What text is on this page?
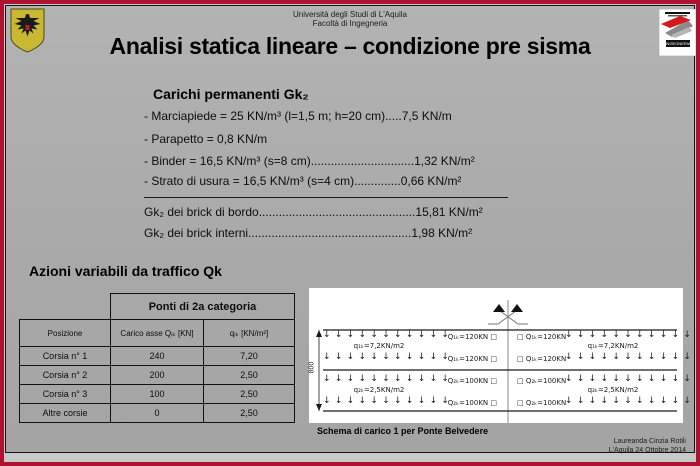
Università degli Studi di L'Aquila
Facoltà di Ingegneria
INGEGNERIA
Analisi statica lineare – condizione pre sisma
Carichi permanenti Gk₂
- Marciapiede = 25 KN/m³ (l=1,5 m; h=20 cm).....7,5 KN/m
- Parapetto = 0,8 KN/m
- Binder = 16,5 KN/m³ (s=8 cm)...............................1,32 KN/m²
- Strato di usura = 16,5 KN/m³ (s=4 cm)..............0,66 KN/m²
Gk₂ dei brick di bordo...............................................15,81 KN/m²
Gk₂ dei brick interni.................................................1,98 KN/m²
Azioni variabili da traffico Qk
	Ponti di 2a categoria	
Posizione	Carico asse Qᵢₖ [KN]	qᵢₖ [KN/m²]
Corsia n° 1	240	7,20
Corsia n° 2	200	2,50
Corsia n° 3	100	2,50
Altre corsie	0	2,50
800
↓↓↓↓↓↓↓↓↓↓↓
↓↓↓↓↓↓↓↓↓↓↓
↓↓↓↓↓↓↓↓↓↓↓
↓↓↓↓↓↓↓↓↓↓↓
↓↓↓↓↓↓↓↓↓↓↓
↓↓↓↓↓↓↓↓↓↓↓
↓↓↓↓↓↓↓↓↓↓↓
↓↓↓↓↓↓↓↓↓↓↓
q₁ₖ=7,2KN/m2	q₁ₖ=7,2KN/m2
q₂ₖ=2,5KN/m2	q₂ₖ=2,5KN/m2
Q₁ₖ=120KN □
Q₁ₖ=120KN □
Q₂ₖ=100KN □
Q₂ₖ=100KN □
□ Q₁ₖ=120KN
□ Q₁ₖ=120KN
□ Q₂ₖ=100KN
□ Q₂ₖ=100KN
Schema di carico 1 per Ponte Belvedere
Laureanda Cinzia Rotili
L'Aquila 24 Ottobre 2014
